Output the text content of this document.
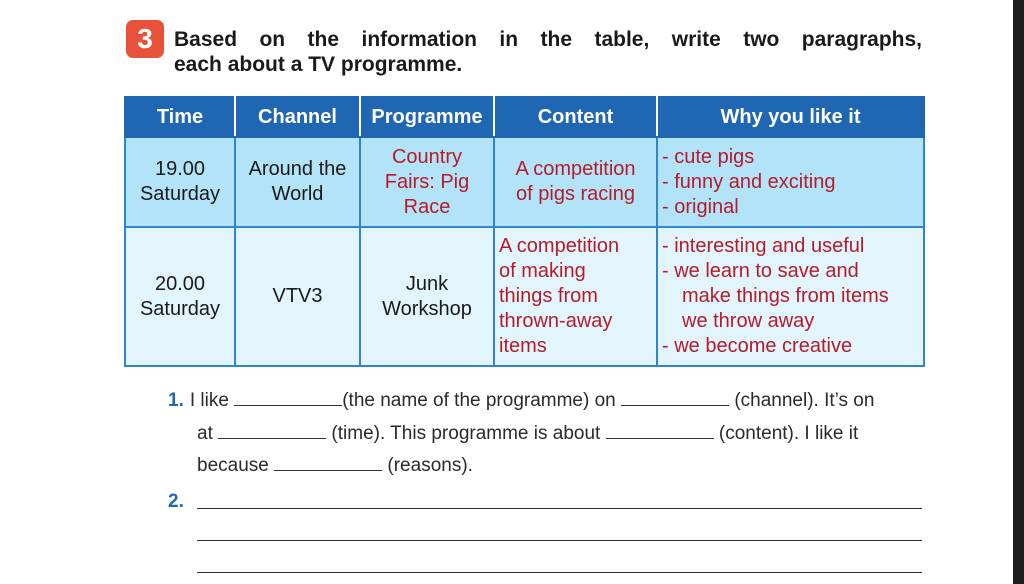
3	Based on the information in the table, write two paragraphs,
each about a TV programme.
Time	Channel	Programme	Content	Why you like it

19.00
Saturday	Around the
World	Country
Fairs: Pig
Race	A competition
of pigs racing	- cute pigs
- funny and exciting
- original

20.00
Saturday	VTV3	Junk
Workshop	A competition
of making
things from
thrown-away
items	- interesting and useful
- we learn to save and
make things from items
we throw away
- we become creative
1. I like	(the name of the programme) on	(channel). It’s on
at	(time). This programme is about	(content). I like it
because	(reasons).
2.
